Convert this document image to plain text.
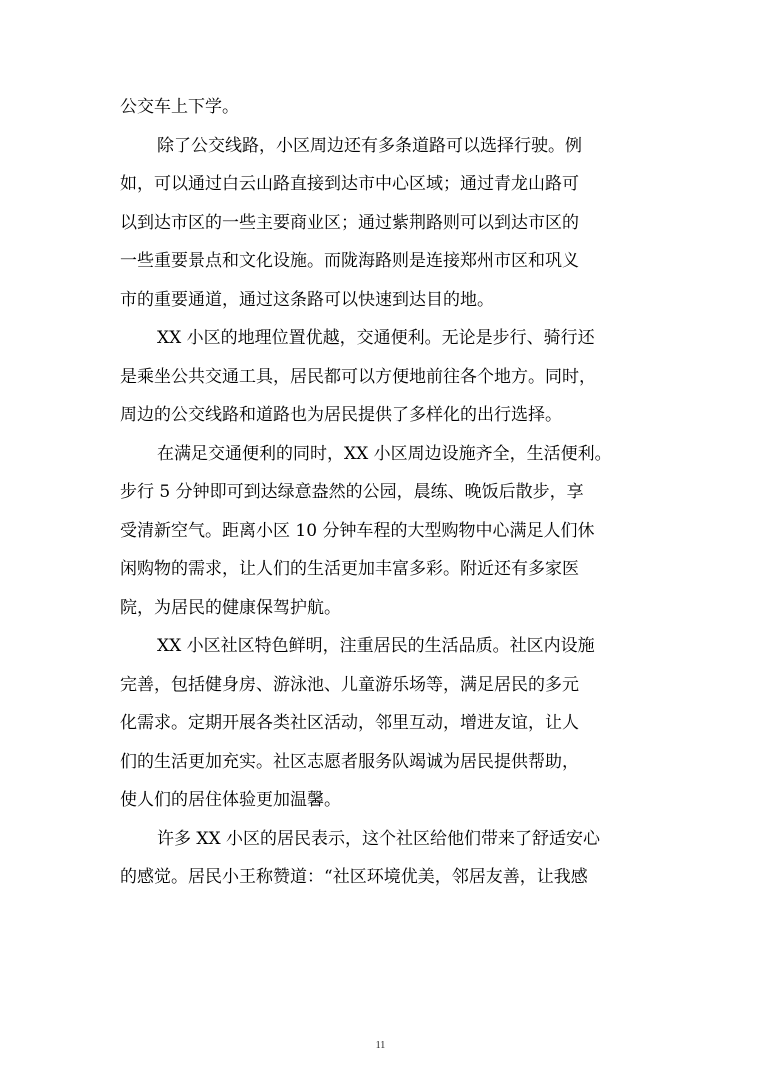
公交车上下学。
除了公交线路，小区周边还有多条道路可以选择行驶。例
如，可以通过白云山路直接到达市中心区域；通过青龙山路可
以到达市区的一些主要商业区；通过紫荆路则可以到达市区的
一些重要景点和文化设施。而陇海路则是连接郑州市区和巩义
市的重要通道，通过这条路可以快速到达目的地。
XX 小区的地理位置优越，交通便利。无论是步行、骑行还
是乘坐公共交通工具，居民都可以方便地前往各个地方。同时，
周边的公交线路和道路也为居民提供了多样化的出行选择。
在满足交通便利的同时，XX 小区周边设施齐全，生活便利。
步行 5 分钟即可到达绿意盎然的公园，晨练、晚饭后散步，享
受清新空气。距离小区 10 分钟车程的大型购物中心满足人们休
闲购物的需求，让人们的生活更加丰富多彩。附近还有多家医
院，为居民的健康保驾护航。
XX 小区社区特色鲜明，注重居民的生活品质。社区内设施
完善，包括健身房、游泳池、儿童游乐场等，满足居民的多元
化需求。定期开展各类社区活动，邻里互动，增进友谊，让人
们的生活更加充实。社区志愿者服务队竭诚为居民提供帮助，
使人们的居住体验更加温馨。
许多 XX 小区的居民表示，这个社区给他们带来了舒适安心
的感觉。居民小王称赞道：“社区环境优美，邻居友善，让我感
11
